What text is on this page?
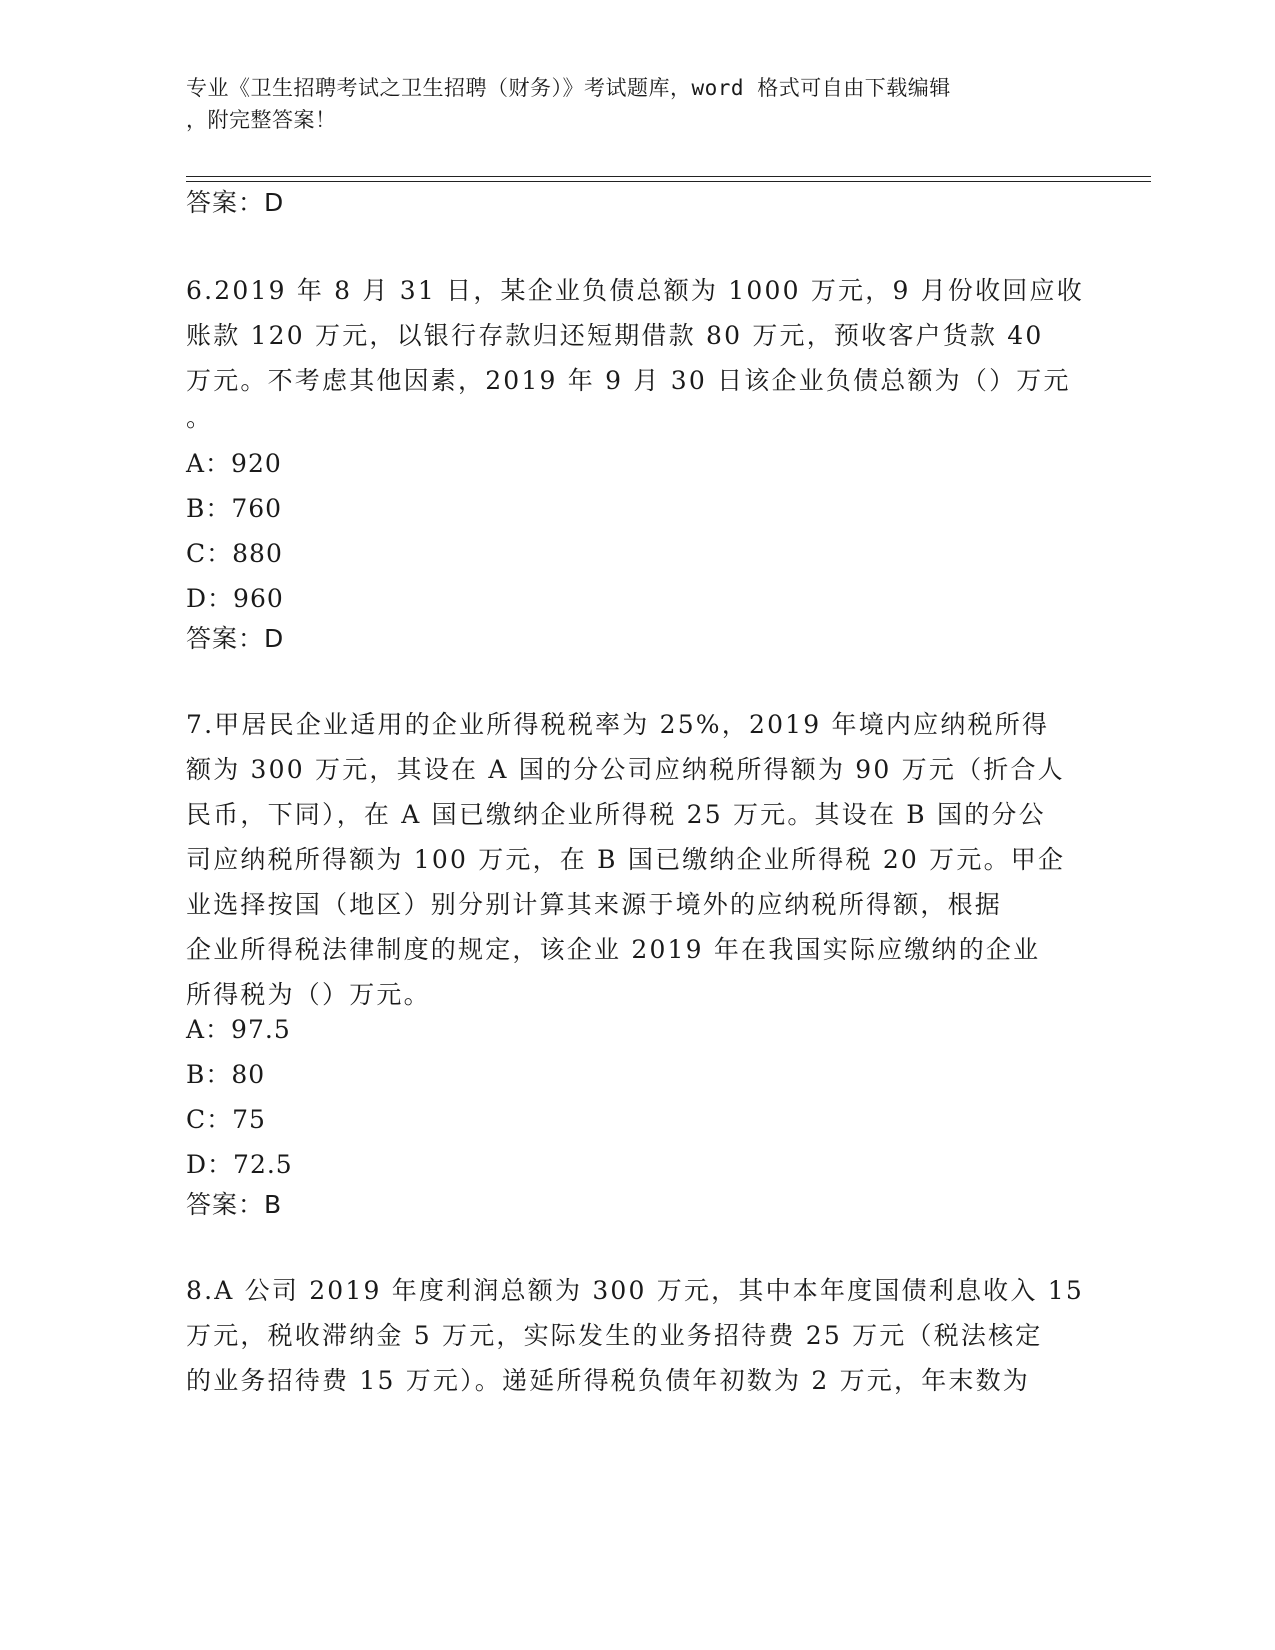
专业《卫生招聘考试之卫生招聘（财务）》考试题库，word 格式可自由下载编辑
，附完整答案！
答案：D
6.2019 年 8 月 31 日，某企业负债总额为 1000 万元，9 月份收回应收
账款 120 万元，以银行存款归还短期借款 80 万元，预收客户货款 40
万元。不考虑其他因素，2019 年 9 月 30 日该企业负债总额为（）万元
。
A：920
B：760
C：880
D：960
答案：D
7.甲居民企业适用的企业所得税税率为 25%，2019 年境内应纳税所得
额为 300 万元，其设在 A 国的分公司应纳税所得额为 90 万元（折合人
民币，下同），在 A 国已缴纳企业所得税 25 万元。其设在 B 国的分公
司应纳税所得额为 100 万元，在 B 国已缴纳企业所得税 20 万元。甲企
业选择按国（地区）别分别计算其来源于境外的应纳税所得额，根据
企业所得税法律制度的规定，该企业 2019 年在我国实际应缴纳的企业
所得税为（）万元。
A：97.5
B：80
C：75
D：72.5
答案：B
8.A 公司 2019 年度利润总额为 300 万元，其中本年度国债利息收入 15
万元，税收滞纳金 5 万元，实际发生的业务招待费 25 万元（税法核定
的业务招待费 15 万元）。递延所得税负债年初数为 2 万元，年末数为
